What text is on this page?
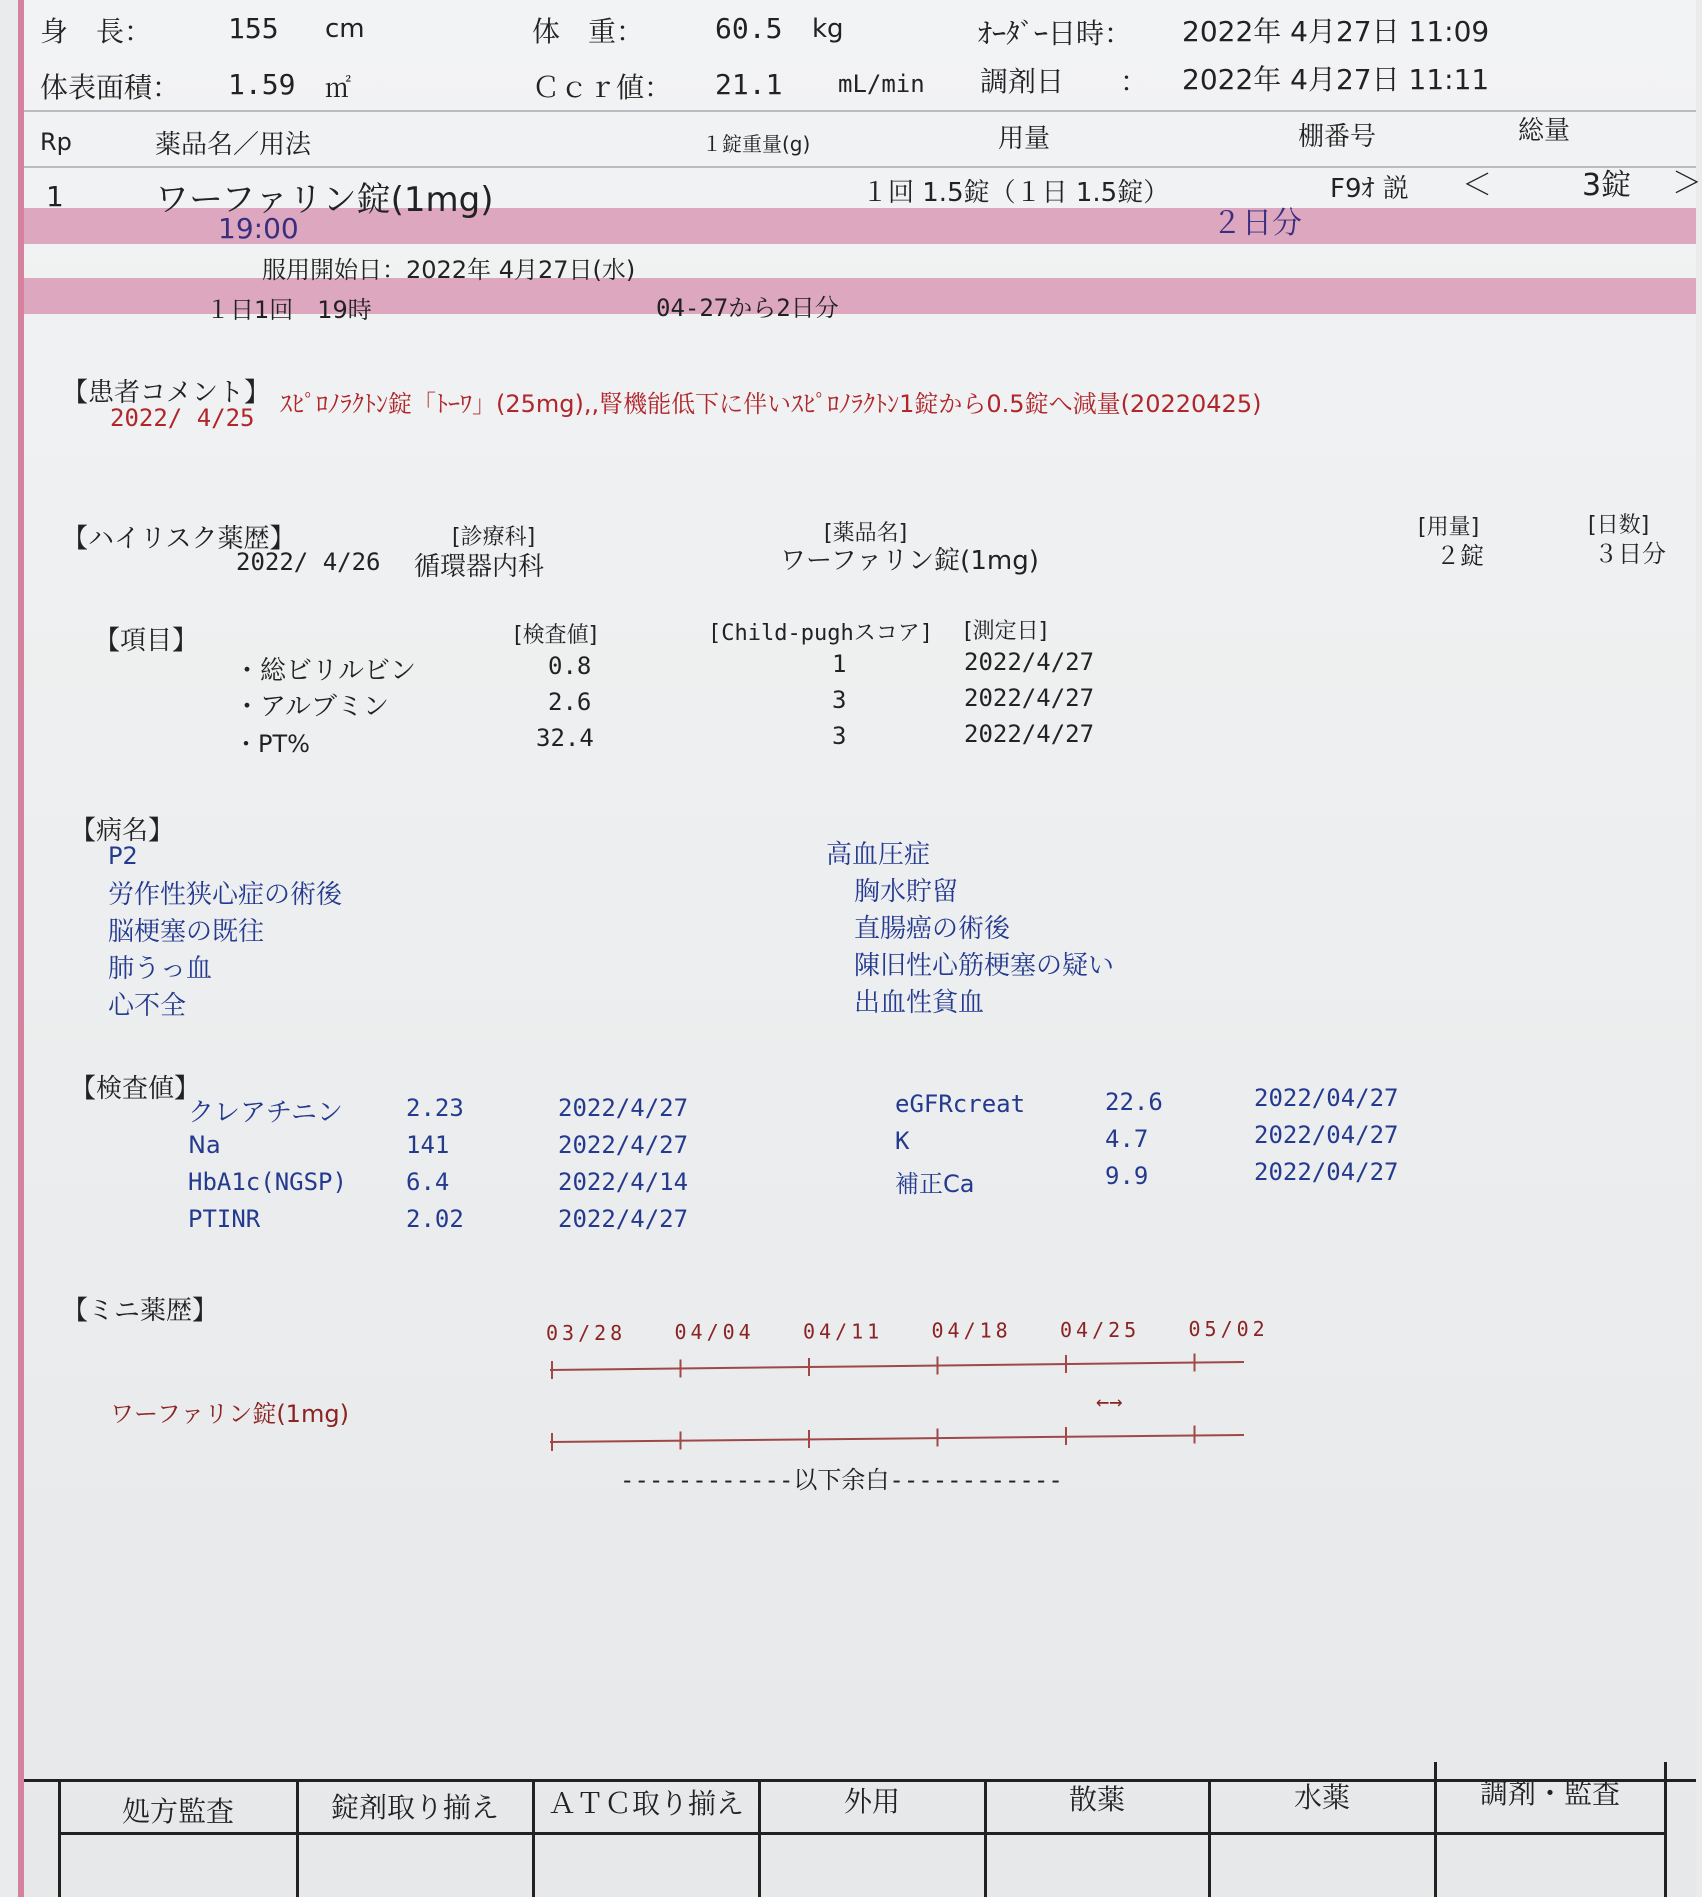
身　長：	155 cm	体　重：	60.5 kg	ｵｰﾀﾞｰ日時： 2022年 4月27日 11:09
体表面積： 1.59 ㎡	Ｃｃｒ値： 21.1 mL/min 調剤日　　： 2022年 4月27日 11:11
Rp	薬品名／用法	１錠重量(g)	用量	棚番号	総量
1	ワーファリン錠(1mg)	１回 1.5錠（１日 1.5錠）	F9ｵ 説 ＜	3錠 ＞
19:00	２日分
服用開始日：2022年 4月27日(水)
１日1回　19時	04-27から2日分
【患者コメント】
2022/ 4/25 ｽﾋﾟﾛﾉﾗｸﾄﾝ錠「ﾄｰﾜ」(25mg),,腎機能低下に伴いｽﾋﾟﾛﾉﾗｸﾄﾝ1錠から0.5錠へ減量(20220425)
【ハイリスク薬歴】	[診療科]	[薬品名]	[用量]	[日数]
2022/ 4/26 循環器内科	ワーファリン錠(1mg)	２錠	３日分
【項目】	[検査値]	[Child-pughスコア] [測定日]
・総ビリルビン	0.8	1	2022/4/27
・アルブミン	2.6	3	2022/4/27
・PT%	32.4	3	2022/4/27
【病名】
P2
労作性狭心症の術後
脳梗塞の既往
肺うっ血
心不全
高血圧症
胸水貯留
直腸癌の術後
陳旧性心筋梗塞の疑い
出血性貧血
【検査値】
クレアチニン	2.23	2022/4/27
Na	141	2022/4/27
HbA1c(NGSP) 6.4	2022/4/14
PTINR	2.02	2022/4/27
eGFRcreat	22.6	2022/04/27
K	4.7	2022/04/27
補正Ca	9.9	2022/04/27
【ミニ薬歴】
03/28 04/04 04/11 04/18 04/25 05/02
←→
ワーファリン錠(1mg)
------------以下余白------------
処方監査	錠剤取り揃え	ＡＴＣ取り揃え	外用	散薬	水薬	調剤・監査
